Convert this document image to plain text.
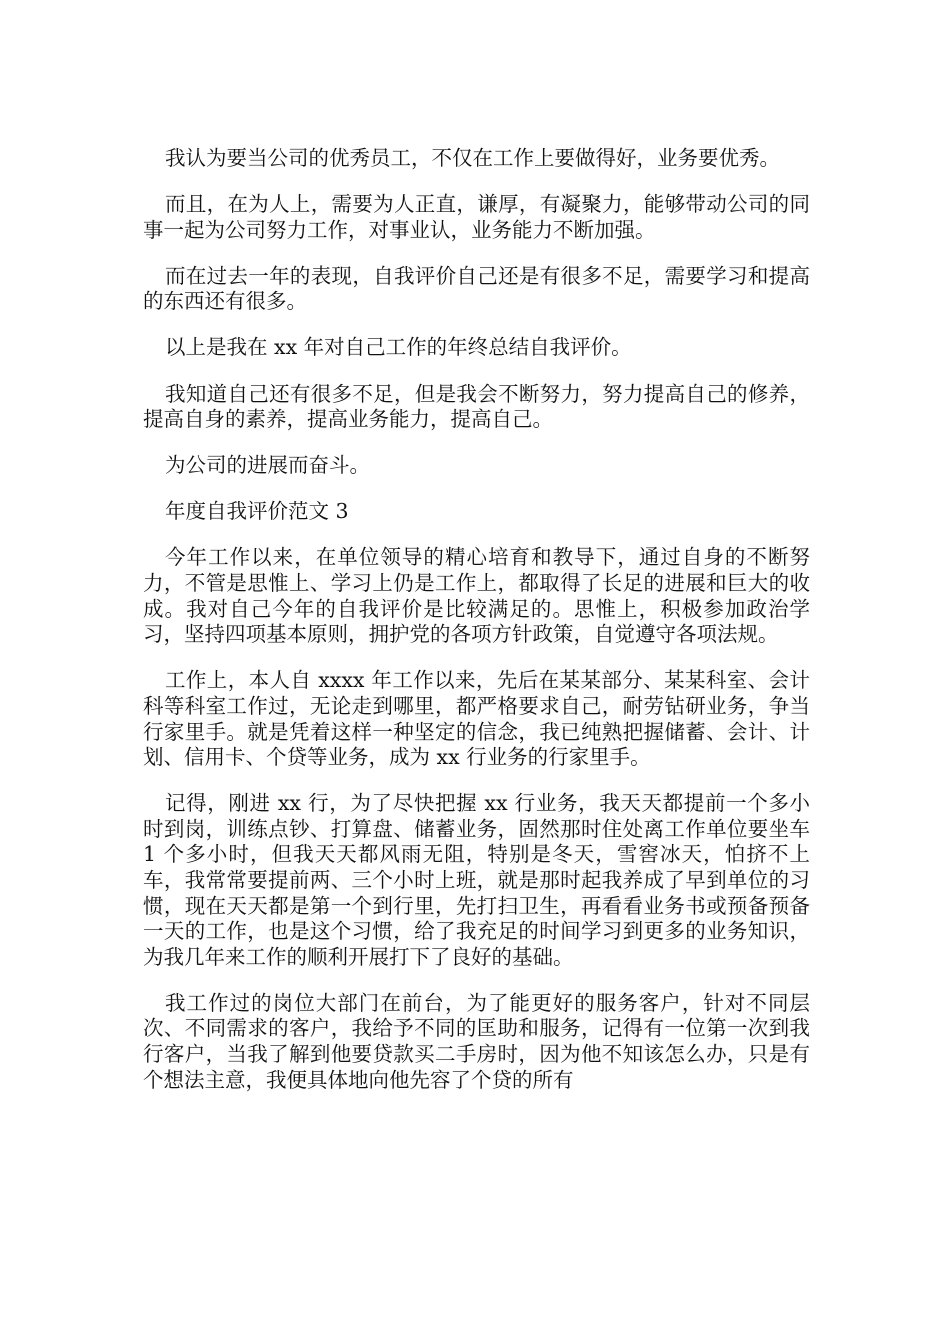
我认为要当公司的优秀员工，不仅在工作上要做得好，业务要优秀。

而且，在为人上，需要为人正直，谦厚，有凝聚力，能够带动公司的同事一起为公司努力工作，对事业认，业务能力不断加强。

而在过去一年的表现，自我评价自己还是有很多不足，需要学习和提高的东西还有很多。

以上是我在 xx 年对自己工作的年终总结自我评价。

我知道自己还有很多不足，但是我会不断努力，努力提高自己的修养，提高自身的素养，提高业务能力，提高自己。

为公司的进展而奋斗。

年度自我评价范文 3

今年工作以来，在单位领导的精心培育和教导下，通过自身的不断努力，不管是思惟上、学习上仍是工作上，都取得了长足的进展和巨大的收成。我对自己今年的自我评价是比较满足的。思惟上，积极参加政治学习，坚持四项基本原则，拥护党的各项方针政策，自觉遵守各项法规。

工作上，本人自 xxxx 年工作以来，先后在某某部分、某某科室、会计科等科室工作过，无论走到哪里，都严格要求自己，耐劳钻研业务，争当行家里手。就是凭着这样一种坚定的信念，我已纯熟把握储蓄、会计、计划、信用卡、个贷等业务，成为 xx 行业务的行家里手。

记得，刚进 xx 行，为了尽快把握 xx 行业务，我天天都提前一个多小时到岗，训练点钞、打算盘、储蓄业务，固然那时住处离工作单位要坐车 1 个多小时，但我天天都风雨无阻，特别是冬天，雪窖冰天，怕挤不上车，我常常要提前两、三个小时上班，就是那时起我养成了早到单位的习惯，现在天天都是第一个到行里，先打扫卫生，再看看业务书或预备预备一天的工作，也是这个习惯，给了我充足的时间学习到更多的业务知识，为我几年来工作的顺利开展打下了良好的基础。

我工作过的岗位大部门在前台，为了能更好的服务客户，针对不同层次、不同需求的客户，我给予不同的匡助和服务，记得有一位第一次到我行客户，当我了解到他要贷款买二手房时，因为他不知该怎么办，只是有个想法主意，我便具体地向他先容了个贷的所有
